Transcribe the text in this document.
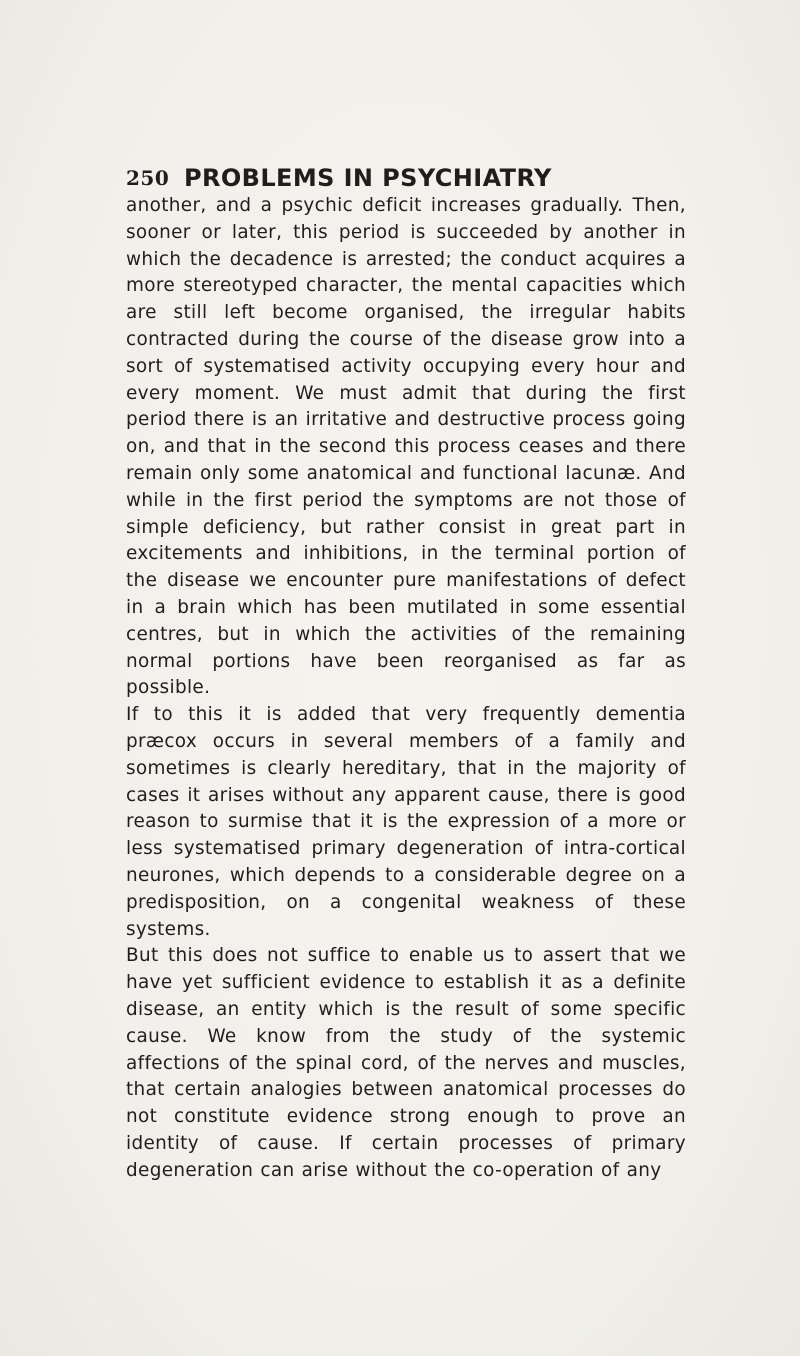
250 PROBLEMS IN PSYCHIATRY

another, and a psychic deficit increases gradually. Then, sooner or later, this period is succeeded by another in which the decadence is arrested; the conduct acquires a more stereotyped character, the mental capacities which are still left become organised, the irregular habits contracted during the course of the disease grow into a sort of systematised activity occupying every hour and every moment. We must admit that during the first period there is an irritative and destructive process going on, and that in the second this process ceases and there remain only some anatomical and functional lacunæ. And while in the first period the symptoms are not those of simple deficiency, but rather consist in great part in excitements and inhibitions, in the terminal portion of the disease we encounter pure manifestations of defect in a brain which has been mutilated in some essential centres, but in which the activities of the remaining normal portions have been reorganised as far as possible.

If to this it is added that very frequently dementia præcox occurs in several members of a family and sometimes is clearly hereditary, that in the majority of cases it arises without any apparent cause, there is good reason to surmise that it is the expression of a more or less systematised primary degeneration of intra-cortical neurones, which depends to a considerable degree on a predisposition, on a congenital weakness of these systems.

But this does not suffice to enable us to assert that we have yet sufficient evidence to establish it as a definite disease, an entity which is the result of some specific cause. We know from the study of the systemic affections of the spinal cord, of the nerves and muscles, that certain analogies between anatomical processes do not constitute evidence strong enough to prove an identity of cause. If certain processes of primary degeneration can arise without the co-operation of any
